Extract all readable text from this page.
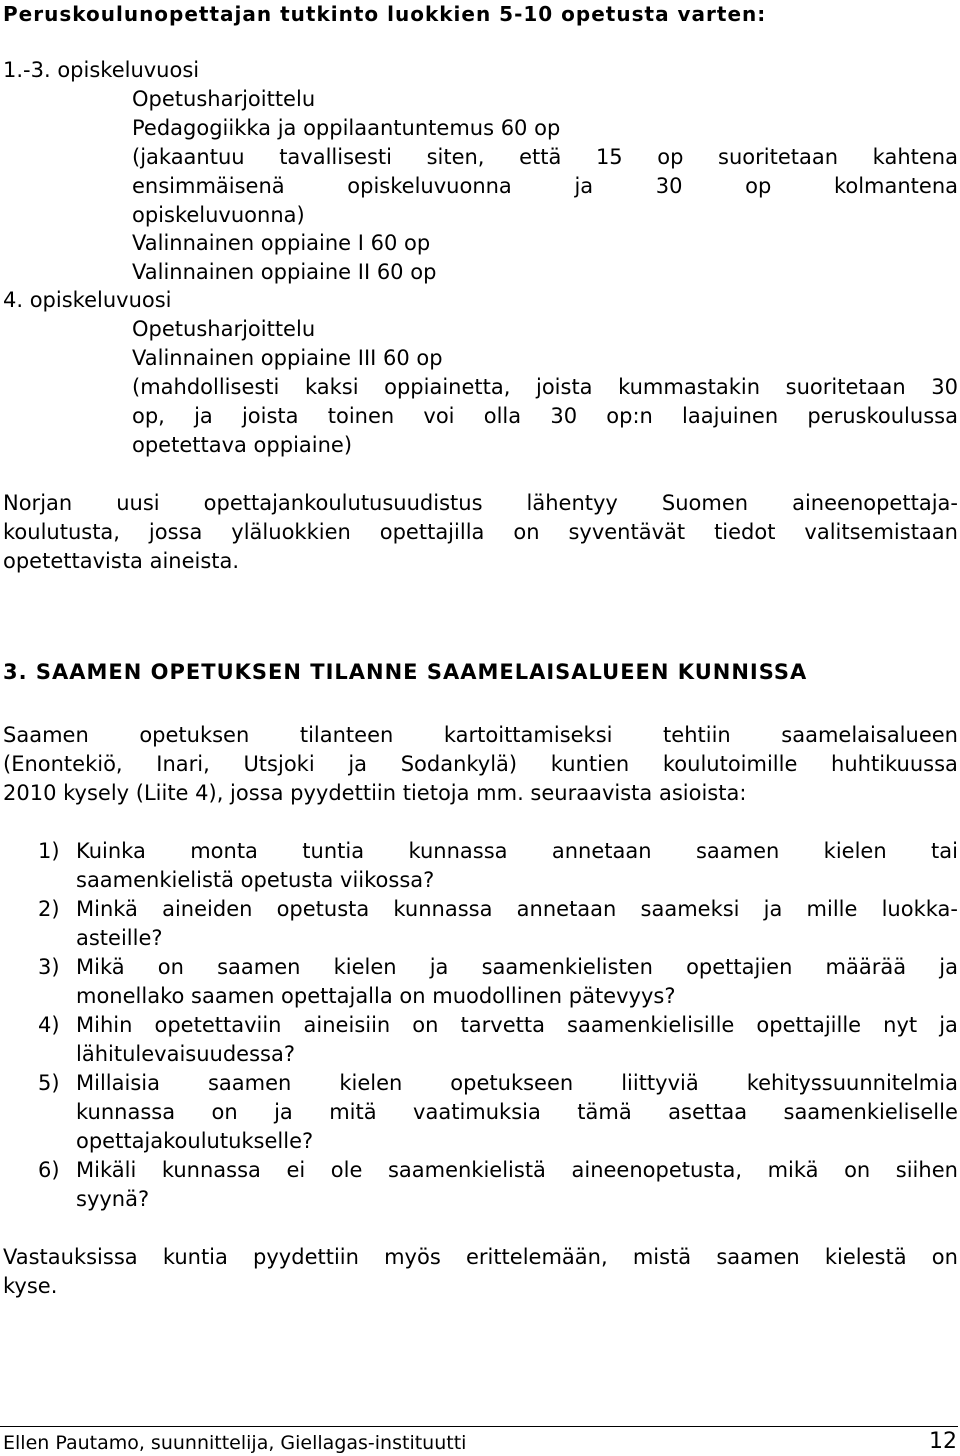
Peruskoulunopettajan tutkinto luokkien 5-10 opetusta varten:
1.-3. opiskeluvuosi
Opetusharjoittelu
Pedagogiikka ja oppilaantuntemus 60 op
(jakaantuu tavallisesti siten, että 15 op suoritetaan kahtena
ensimmäisenä	opiskeluvuonna	ja	30	op	kolmantena
opiskeluvuonna)
Valinnainen oppiaine I 60 op
Valinnainen oppiaine II 60 op
4. opiskeluvuosi
Opetusharjoittelu
Valinnainen oppiaine III 60 op
(mahdollisesti kaksi oppiainetta, joista kummastakin suoritetaan 30
op, ja joista toinen voi olla 30 op:n laajuinen peruskoulussa
opetettava oppiaine)
Norjan uusi opettajankoulutusuudistus lähentyy Suomen aineenopettaja-
koulutusta, jossa yläluokkien opettajilla on syventävät tiedot valitsemistaan
opetettavista aineista.
3. SAAMEN OPETUKSEN TILANNE SAAMELAISALUEEN KUNNISSA
Saamen opetuksen tilanteen kartoittamiseksi tehtiin saamelaisalueen
(Enontekiö, Inari, Utsjoki ja Sodankylä) kuntien koulutoimille huhtikuussa
2010 kysely (Liite 4), jossa pyydettiin tietoja mm. seuraavista asioista:
1) Kuinka monta tuntia kunnassa annetaan saamen kielen tai
saamenkielistä opetusta viikossa?
2) Minkä aineiden opetusta kunnassa annetaan saameksi ja mille luokka-
asteille?
3) Mikä on saamen kielen ja saamenkielisten opettajien määrää ja
monellako saamen opettajalla on muodollinen pätevyys?
4) Mihin opetettaviin aineisiin on tarvetta saamenkielisille opettajille nyt ja
lähitulevaisuudessa?
5) Millaisia saamen kielen opetukseen liittyviä kehityssuunnitelmia
kunnassa on ja mitä vaatimuksia tämä asettaa saamenkieliselle
opettajakoulutukselle?
6) Mikäli kunnassa ei ole saamenkielistä aineenopetusta, mikä on siihen
syynä?
Vastauksissa kuntia pyydettiin myös erittelemään, mistä saamen kielestä on
kyse.
Ellen Pautamo, suunnittelija, Giellagas-instituutti	12
